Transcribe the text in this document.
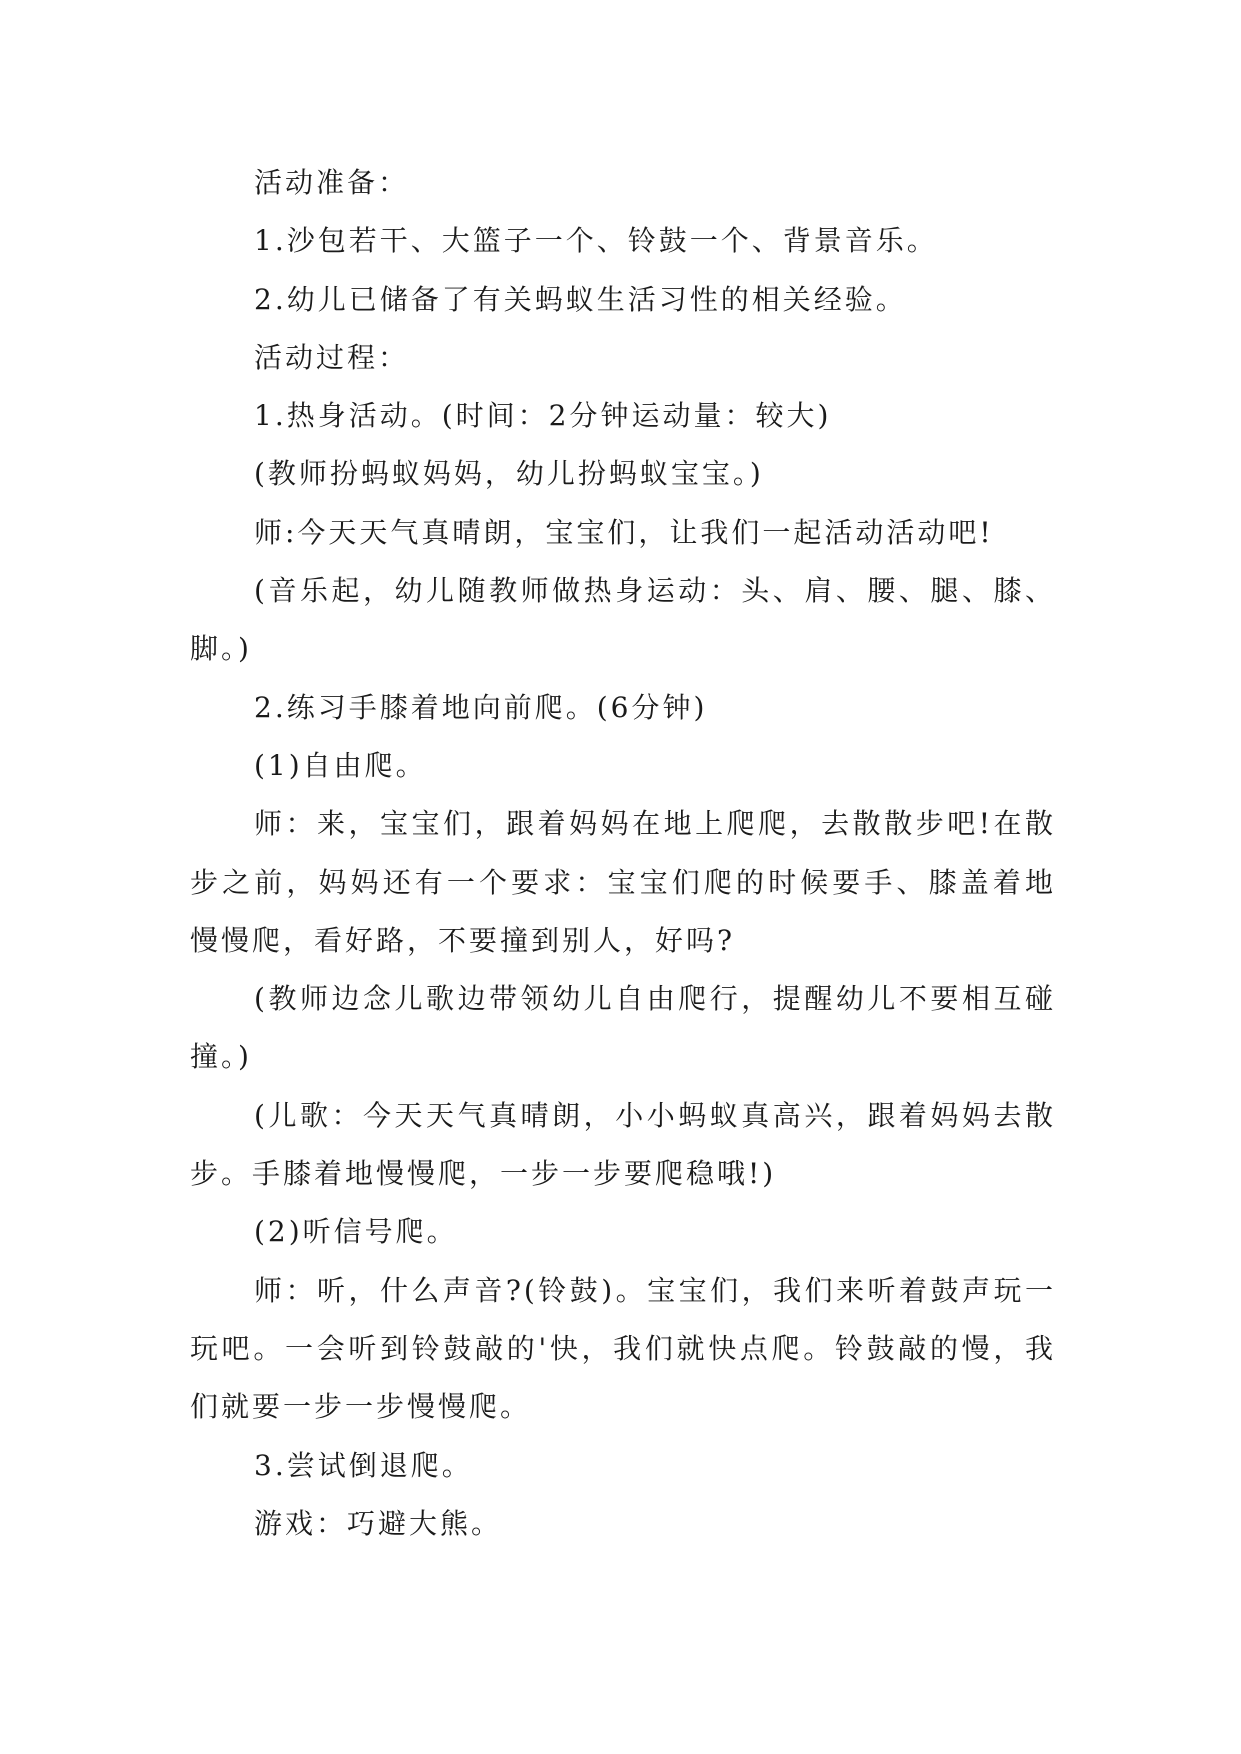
活动准备：

1.沙包若干、大篮子一个、铃鼓一个、背景音乐。

2.幼儿已储备了有关蚂蚁生活习性的相关经验。

活动过程：

1.热身活动。(时间：2分钟运动量：较大)

(教师扮蚂蚁妈妈，幼儿扮蚂蚁宝宝。)

师:今天天气真晴朗，宝宝们，让我们一起活动活动吧!

(音乐起，幼儿随教师做热身运动：头、肩、腰、腿、膝、脚。)

2.练习手膝着地向前爬。(6分钟)

(1)自由爬。

师：来，宝宝们，跟着妈妈在地上爬爬，去散散步吧!在散步之前，妈妈还有一个要求：宝宝们爬的时候要手、膝盖着地慢慢爬，看好路，不要撞到别人，好吗?

(教师边念儿歌边带领幼儿自由爬行，提醒幼儿不要相互碰撞。)

(儿歌：今天天气真晴朗，小小蚂蚁真高兴，跟着妈妈去散步。手膝着地慢慢爬，一步一步要爬稳哦!)

(2)听信号爬。

师：听，什么声音?(铃鼓)。宝宝们，我们来听着鼓声玩一玩吧。一会听到铃鼓敲的'快，我们就快点爬。铃鼓敲的慢，我们就要一步一步慢慢爬。

3.尝试倒退爬。

游戏：巧避大熊。
